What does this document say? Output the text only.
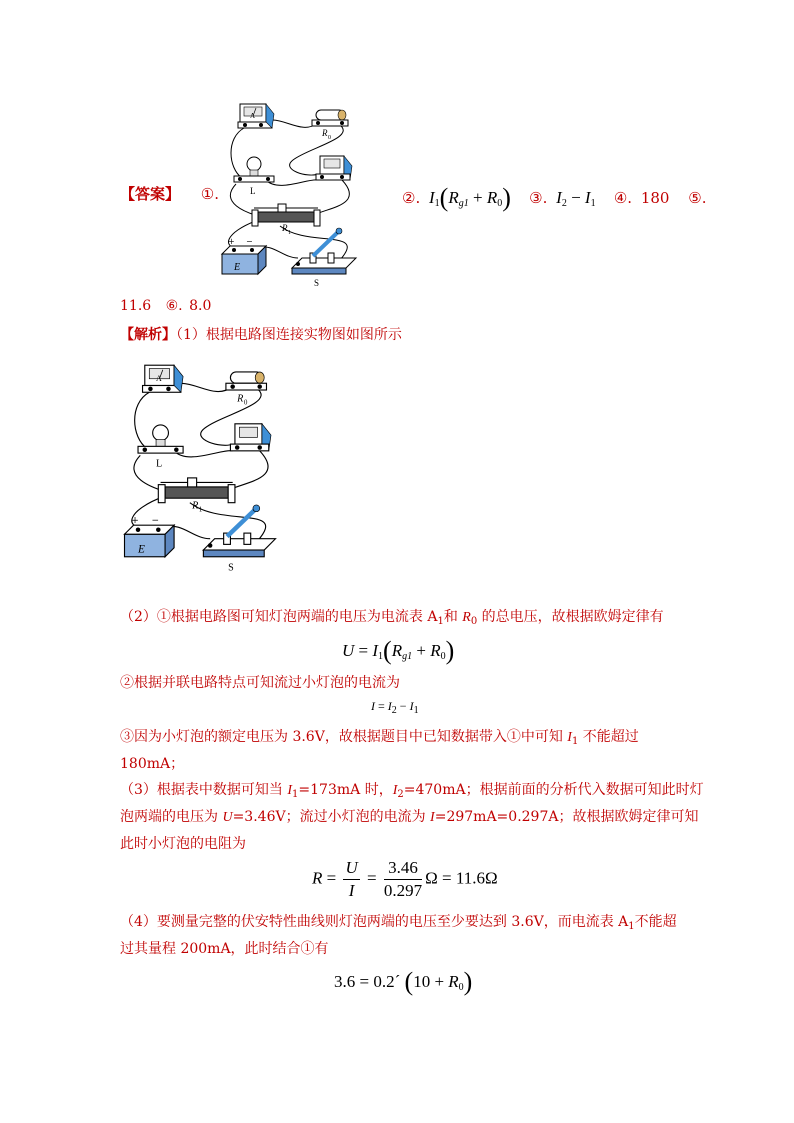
【答案】 ①.
A
R 0
L
R 1
+ −
E
S
②. $I_1(R_{g1} + R_0)$ ③. $I_2 - I_1$ ④. 180 ⑤.
11.6 ⑥. 8.0
【解析】（1）根据电路图连接实物图如图所示
A
R 0
L
R 1
+ −
E
S
（2）①根据电路图可知灯泡两端的电压为电流表 $A_1$和 $R_0$ 的总电压，故根据欧姆定律有
$U = I_1(R_{g1} + R_0)$
②根据并联电路特点可知流过小灯泡的电流为
$I = I_2 - I_1$
③因为小灯泡的额定电压为 3.6V，故根据题目中已知数据带入①中可知 $I_1$ 不能超过
180mA；
（3）根据表中数据可知当 $I_1=173mA$ 时，$I_2=470mA$；根据前面的分析代入数据可知此时灯
泡两端的电压为 U=3.46V；流过小灯泡的电流为 I=297mA=0.297A；故根据欧姆定律可知
此时小灯泡的电阻为
$R = \frac{U}{I} = \frac{3.46}{0.297}$ Ω = 11.6Ω
（4）要测量完整的伏安特性曲线则灯泡两端的电压至少要达到 3.6V，而电流表 $A_1$不能超
过其量程 200mA，此时结合①有
3.6 = 0.2´ $(10 + R_0)$
